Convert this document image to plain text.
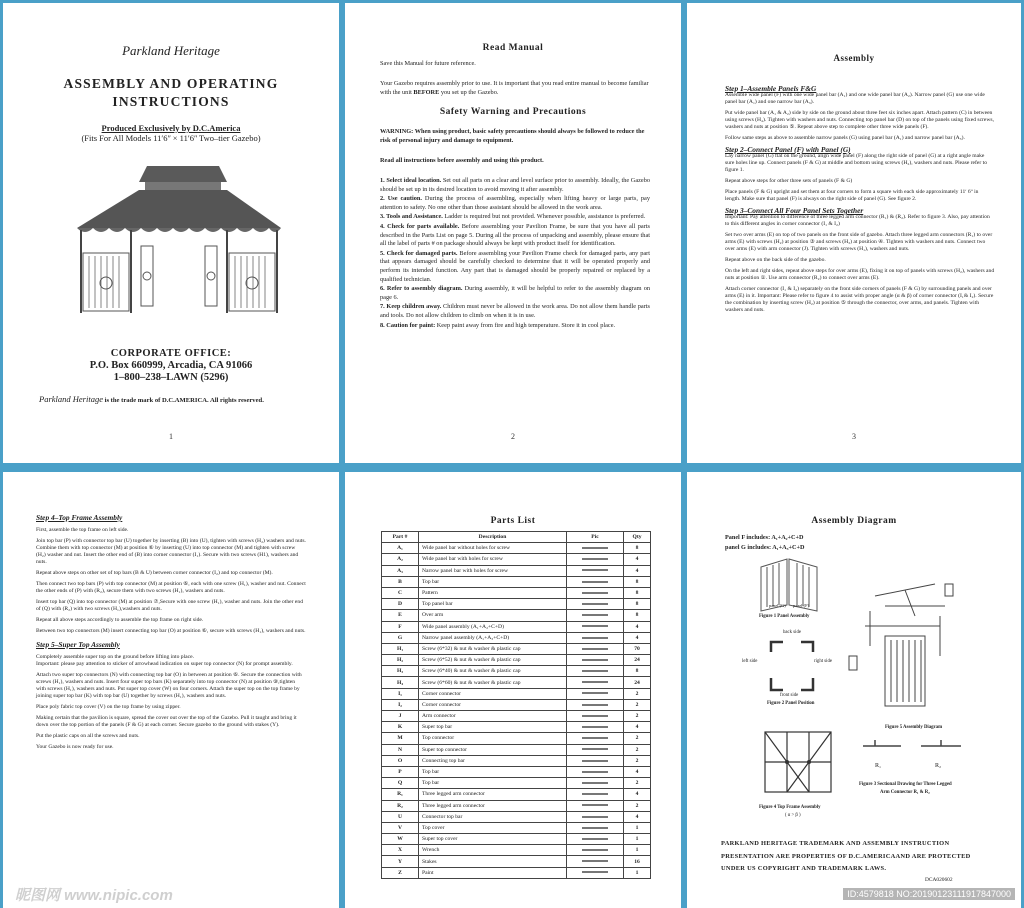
Parkland Heritage
ASSEMBLY AND OPERATING
INSTRUCTIONS
Produced Exclusively by D.C.America
(Fits For All Models 11ʹ6ʺ × 11ʹ6ʺ Two–tier Gazebo)
CORPORATE OFFICE:
P.O. Box 660999, Arcadia, CA 91066
1–800–238–LAWN (5296)
Parkland Heritage is the trade mark of D.C.AMERICA. All rights reserved.
1
Read Manual
Save this Manual for future reference.
Your Gazebo requires assembly prior to use. It is important that you read entire manual to become familiar with the unit BEFORE you set up the Gazebo.
Safety Warning and Precautions
WARNING: When using product, basic safety precautions should always be followed to reduce the risk of personal injury and damage to equipment.
Read all instructions before assembly and using this product.

1. Select ideal location. Set out all parts on a clear and level surface prior to assembly. Ideally, the Gazebo should be set up in its desired location to avoid moving it after assembly.

2. Use caution. During the process of assembling, especially when lifting heavy or large parts, pay attention to safety. No one other than those assistant should be allowed in the work area.

3. Tools and Assistance. Ladder is required but not provided. Whenever possible, assistance is preferred.

4. Check for parts available. Before assembling your Pavilion Frame, be sure that you have all parts described in the Parts List on page 5. During all the process of unpacking and assembly, please ensure that all the label of parts # on package should always be kept with product itself for identification.

5. Check for damaged parts. Before assembling your Pavilion Frame check for damaged parts, any part that appears damaged should be carefully checked to determine that it will be operated properly and perform its intended function. Any part that is damaged should be properly repaired or replaced by a qualified technician.

6. Refer to assembly diagram. During assembly, it will be helpful to refer to the assembly diagram on page 6.

7. Keep children away. Children must never be allowed in the work area. Do not allow them handle parts and tools. Do not allow children to climb on when it is in use.

8. Caution for paint: Keep paint away from fire and high temperature. Store it in cool place.

2
Assembly

Step 1–Assemble Panels F&G

Assemble wide panel (F) with one wide panel bar (A₁) and one wide panel bar (A₂). Narrow panel (G) use one wide panel bar (A₁) and one narrow bar (A₃).

Put wide panel bar (A₁ & A₂) side by side on the ground about three feet six inches apart. Attach pattern (C) in between using screws (H₄). Tighten with washers and nuts. Connecting top panel bar (D) on top of the panels using fixed screws, washers and nuts at position ⑤. Repeat above step to complete other three wide panels (F).

Follow same steps as above to assemble narrow panels (G) using panel bar (A₁) and narrow panel bar (A₃).

Step 2–Connect Panel (F) with Panel (G)

Lay narrow panel (G) flat on the ground, align wide panel (F) along the right side of panel (G) at a right angle make sure holes line up. Connect panels (F & G) at middle and bottom using screws (H₂), washers and nuts. Please refer to figure 1.

Repeat above steps for other three sets of panels (F & G)

Place panels (F & G) upright and set them at four corners to form a square with each side approximately 11ʹ 6ʺ in length. Make sure that panel (F) is always on the right side of panel (G). See figure 2.

Step 3–Connect All Four Panel Sets Together

Important: Pay attention to difference of three legged arm connector (R₁) & (R₂). Refer to figure 3. Also, pay attention to this different angles in corner connector (I₁ & I₂)

Set two over arms (E) on top of two panels on the front side of gazebo. Attach three legged arm connectors (R₁) to over arms (E) with screws (H₂) at position ③ and screws (H₃) at position ④. Tighten with washers and nuts. Connect two over arms (E) with arm connector (J). Tighten with screws (H₁), washers and nuts.

Repeat above on the back side of the gazebo.

On the left and right sides, repeat above steps for over arms (E), fixing it on top of panels with screws (H₂), washers and nuts at position ①. Use arm connector (R₂) to connect over arms (E).

Attach corner connector (I₁ & I₂) separately on the front side corners of panels (F & G) by surrounding panels and over arms (E) in it. Important: Please refer to figure 4 to assist with proper angle (α & β) of corner connector (I₁& I₂). Secure the combination by inserting screw (H₂) at position ⑤ through the connector, over arms, and panels. Tighten with washers and nuts.

3

Step 4–Top Frame Assembly

First, assemble the top frame on left side.

Join top bar (P) with connector top bar (U) together by inserting (B) into (U), tighten with screws (H₂) washers and nuts. Combine them with top connector (M) at position ⑥ by inserting (U) into top connector (M) and tighten with screw (H₂) washer and nut. Insert the other end of (B) into corner connector (I₁). Secure with two screws (H1), washers and nuts.

Repeat above steps on other set of top bars (B & U) between corner connector (I₂) and top connector (M).

Then connect two top bars (P) with top connector (M) at position ⑥, each with one screw (H₁), washer and nut. Connect the other ends of (P) with (R₂), secure them with two screws (H₁), washers and nuts.

Insert top bar (Q) into top connector (M) at position ⑦,Secure with one screw (H₁), washer and nuts. Join the other end of (Q) with (R₂) with two screws (H₁),washers and nuts.

Repeat all above steps accordingly to assemble the top frame on right side.

Between two top connectors (M) insert connecting top bar (O) at position ⑥, secure with screws (H₁), washers and nuts.

Step 5–Super Top Assembly

Completely assemble super top on the ground before lifting into place.
Important: please pay attention to sticker of arrowhead indication on super top connector (N) for prompt assembly.

Attach two super top connectors (N) with connecting top bar (O) in between at position ⑥. Secure the connection with screws (H₁), washers and nuts. Insert four super top bars (K) separately into top connector (N) at position ⑨,tighten with screws (H₁), washers and nuts. Put super top cover (W) on four corners. Attach the super top on the top frame by joining super top bar (K) with top bar (U) together by screws (H₁), washers and nuts.

Place poly fabric top cover (V) on the top frame by using zipper.

Making certain that the pavilion is square, spread the cover out over the top of the Gazebo. Pull it taught and bring it down over the top portion of the panels (F & G) at each corner. Secure gazebo to the ground with stakes (Y).

Put the plastic caps on all the screws and nuts.

Your Gazebo is now ready for use.

昵图网 www.nipic.com
Parts List
Part #	Description	Pic	Qty
A₁	Wide panel bar without holes for screw		8
A₂	Wide panel bar with holes for screw		4
A₃	Narrow panel bar with holes for screw		4
B	Top bar		8
C	Pattern		8
D	Top panel bar		8
E	Over arm		8
F	Wide panel assembly (A₁+A₂+C+D)		4
G	Narrow panel assembly (A₁+A₃+C+D)		4
H₁	Screw (6*32) & nut & washer & plastic cap		70
H₂	Screw (6*52) & nut & washer & plastic cap		24
H₃	Screw (6*40) & nut & washer & plastic cap		8
H₄	Screw (6*60) & nut & washer & plastic cap		24
I₁	Corner connector		2
I₂	Corner connector		2
J	Arm connector		2
K	Super top bar		4
M	Top connector		2
N	Super top connector		2
O	Connecting top bar		2
P	Top bar		4
Q	Top bar		2
R₁	Three legged arm connector		4
R₂	Three legged arm connector		2
U	Connector top bar		4
V	Top cover		1
W	Super top cover		1
X	Wrench		1
Y	Stakes		16
Z	Paint		1
Assembly Diagram
Panel F includes: A₁+A₂+C+D
panel G includes: A₁+A₃+C+D
panel (G) panel (F)
Figure 1 Panel Assembly
back side
left side	right side
front side
Figure 2 Panel Position
Figure 4 Top Frame Assembly
( α > β )
Figure 5 Assembly Diagram
R₁	R₂
Figure 3 Sectional Drawing for Three Legged
Arm Connector R₁ & R₂
PARKLAND HERITAGE TRADEMARK AND ASSEMBLY INSTRUCTION PRESENTATION ARE PROPERTIES OF D.C.AMERICAAND ARE PROTECTED UNDER US COPYRIGHT AND TRADEMARK LAWS.
DCA020602
ID:4579818 NO:20190123111917847000
